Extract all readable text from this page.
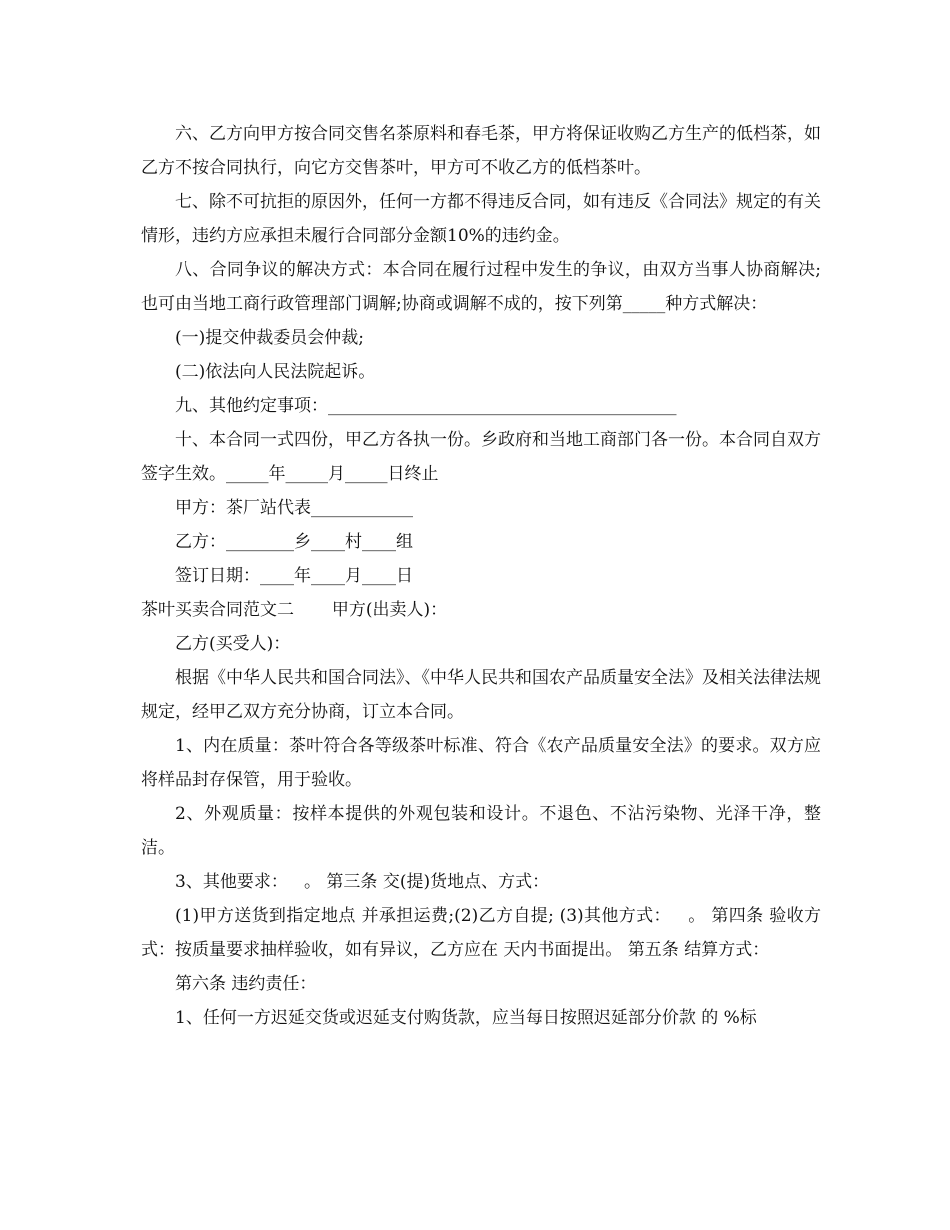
六、乙方向甲方按合同交售名茶原料和春毛茶，甲方将保证收购乙方生产的低档茶，如乙方不按合同执行，向它方交售茶叶，甲方可不收乙方的低档茶叶。

七、除不可抗拒的原因外，任何一方都不得违反合同，如有违反《合同法》规定的有关情形，违约方应承担未履行合同部分金额10%的违约金。

八、合同争议的解决方式：本合同在履行过程中发生的争议，由双方当事人协商解决;也可由当地工商行政管理部门调解;协商或调解不成的，按下列第_____种方式解决：

(一)提交仲裁委员会仲裁;

(二)依法向人民法院起诉。

九、其他约定事项：_________________________________________

十、本合同一式四份，甲乙方各执一份。乡政府和当地工商部门各一份。本合同自双方签字生效。_____年_____月_____日终止

甲方：茶厂站代表____________

乙方：________乡____村____组

签订日期：____年____月____日

茶叶买卖合同范文二       甲方(出卖人)：

乙方(买受人)：

根据《中华人民共和国合同法》、《中华人民共和国农产品质量安全法》及相关法律法规规定，经甲乙双方充分协商，订立本合同。

1、内在质量：茶叶符合各等级茶叶标准、符合《农产品质量安全法》的要求。双方应将样品封存保管，用于验收。

2、外观质量：按样本提供的外观包装和设计。不退色、不沾污染物、光泽干净，整洁。

3、其他要求：   。 第三条 交(提)货地点、方式：

(1)甲方送货到指定地点 并承担运费;(2)乙方自提; (3)其他方式：   。 第四条 验收方式：按质量要求抽样验收，如有异议，乙方应在 天内书面提出。 第五条 结算方式：

第六条 违约责任：

1、任何一方迟延交货或迟延支付购货款，应当每日按照迟延部分价款 的 %标
